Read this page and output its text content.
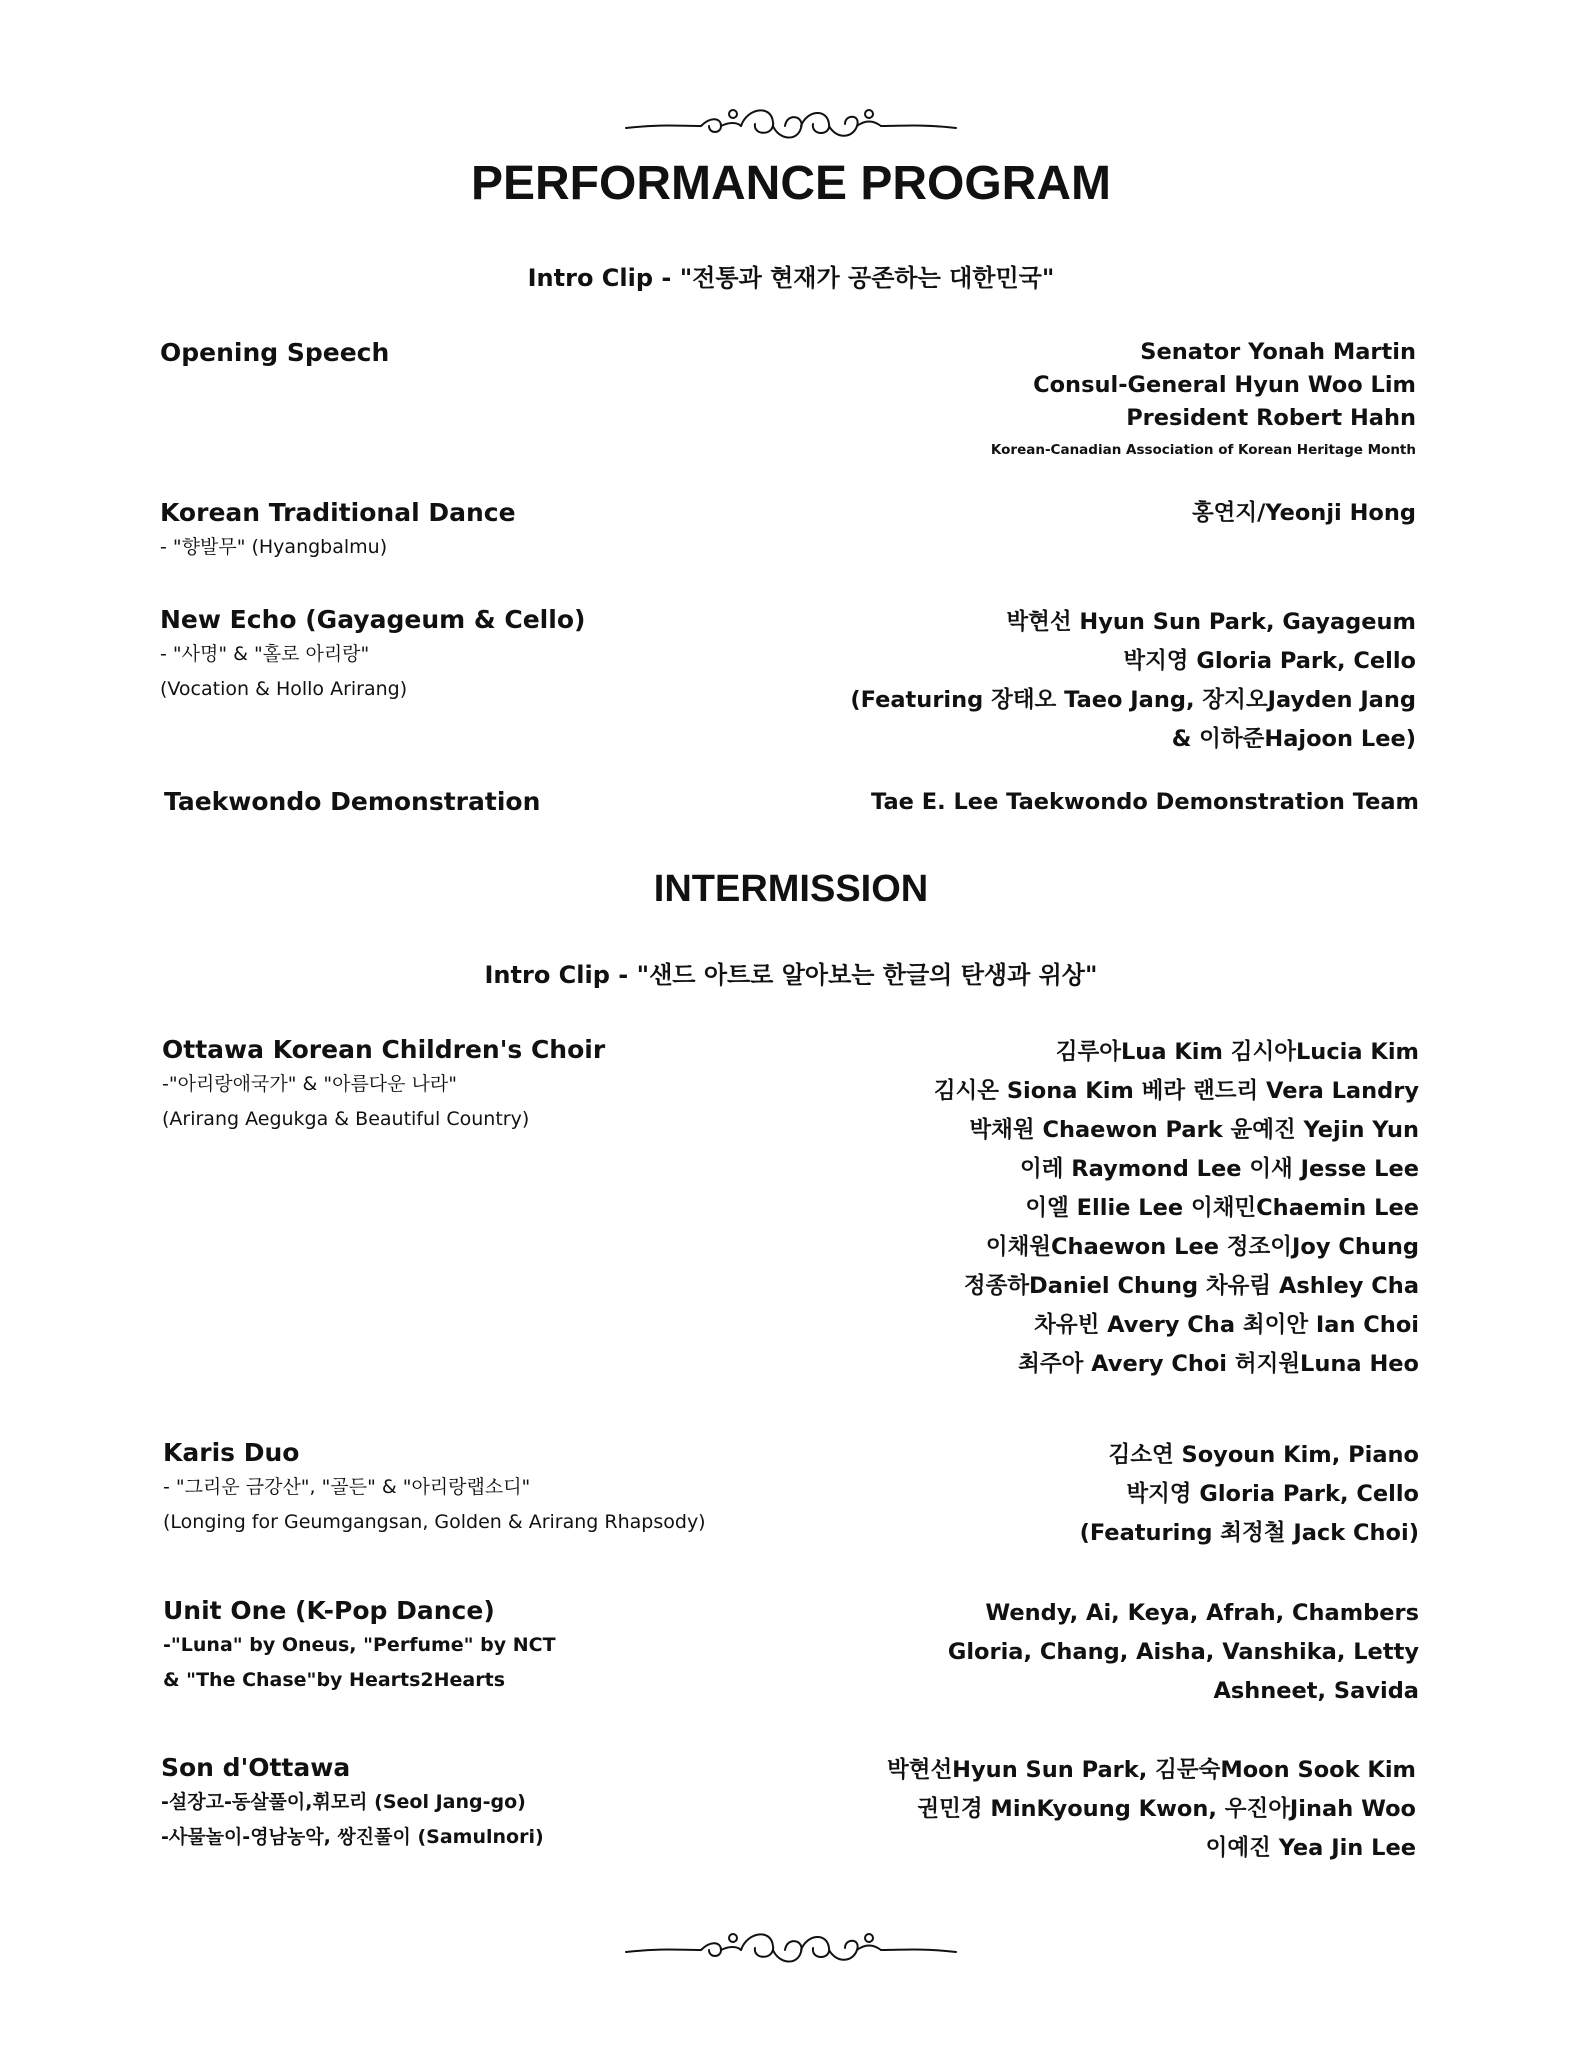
PERFORMANCE PROGRAM
Intro Clip - "전통과 현재가 공존하는 대한민국"
Opening Speech	Senator Yonah Martin
Consul-General Hyun Woo Lim
President Robert Hahn
Korean-Canadian Association of Korean Heritage Month
Korean Traditional Dance
- "향발무" (Hyangbalmu)
홍연지/Yeonji Hong
New Echo (Gayageum & Cello)
- "사명" & "홀로 아리랑"
(Vocation & Hollo Arirang)
박현선 Hyun Sun Park, Gayageum
박지영 Gloria Park, Cello
(Featuring 장태오 Taeo Jang, 장지오Jayden Jang
& 이하준Hajoon Lee)
Taekwondo Demonstration	Tae E. Lee Taekwondo Demonstration Team
INTERMISSION
Intro Clip - "샌드 아트로 알아보는 한글의 탄생과 위상"
Ottawa Korean Children's Choir
-"아리랑애국가" & "아름다운 나라"
(Arirang Aegukga & Beautiful Country)
김루아Lua Kim 김시아Lucia Kim
김시온 Siona Kim 베라 랜드리 Vera Landry
박채원 Chaewon Park 윤예진 Yejin Yun
이레 Raymond Lee 이새 Jesse Lee
이엘 Ellie Lee 이채민Chaemin Lee
이채원Chaewon Lee 정조이Joy Chung
정종하Daniel Chung 차유림 Ashley Cha
차유빈 Avery Cha 최이안 Ian Choi
최주아 Avery Choi 허지원Luna Heo
Karis Duo
- "그리운 금강산", "골든" & "아리랑랩소디"
(Longing for Geumgangsan, Golden & Arirang Rhapsody)
김소연 Soyoun Kim, Piano
박지영 Gloria Park, Cello
(Featuring 최정철 Jack Choi)
Unit One (K-Pop Dance)
-"Luna" by Oneus, "Perfume" by NCT
& "The Chase"by Hearts2Hearts
Wendy, Ai, Keya, Afrah, Chambers
Gloria, Chang, Aisha, Vanshika, Letty
Ashneet, Savida
Son d'Ottawa
-설장고-동살풀이,휘모리 (Seol Jang-go)
-사물놀이-영남농악, 쌍진풀이 (Samulnori)
박현선Hyun Sun Park, 김문숙Moon Sook Kim
권민경 MinKyoung Kwon, 우진아Jinah Woo
이예진 Yea Jin Lee
